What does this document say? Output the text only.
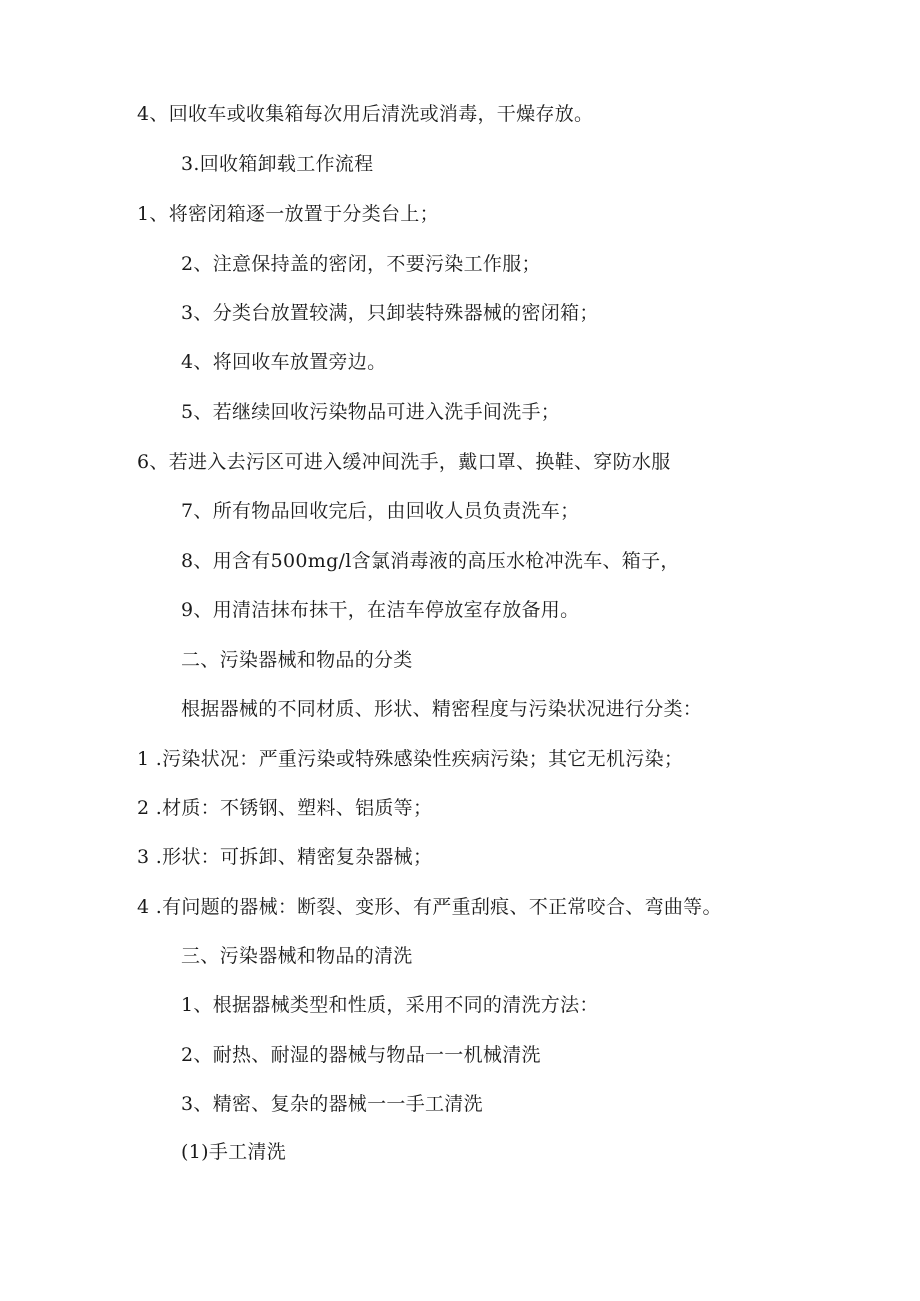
4、回收车或收集箱每次用后清洗或消毒，干燥存放。
3.回收箱卸载工作流程
1、将密闭箱逐一放置于分类台上；
2、注意保持盖的密闭，不要污染工作服；
3、分类台放置较满，只卸装特殊器械的密闭箱；
4、将回收车放置旁边。
5、若继续回收污染物品可进入洗手间洗手；
6、若进入去污区可进入缓冲间洗手，戴口罩、换鞋、穿防水服
7、所有物品回收完后，由回收人员负责洗车；
8、用含有500mg/l含氯消毒液的高压水枪冲洗车、箱子，
9、用清洁抹布抹干，在洁车停放室存放备用。
二、污染器械和物品的分类
根据器械的不同材质、形状、精密程度与污染状况进行分类：
1 .污染状况：严重污染或特殊感染性疾病污染；其它无机污染；
2 .材质：不锈钢、塑料、铝质等；
3 .形状：可拆卸、精密复杂器械；
4 .有问题的器械：断裂、变形、有严重刮痕、不正常咬合、弯曲等。
三、污染器械和物品的清洗
1、根据器械类型和性质，采用不同的清洗方法：
2、耐热、耐湿的器械与物品一一机械清洗
3、精密、复杂的器械一一手工清洗
(1)手工清洗
